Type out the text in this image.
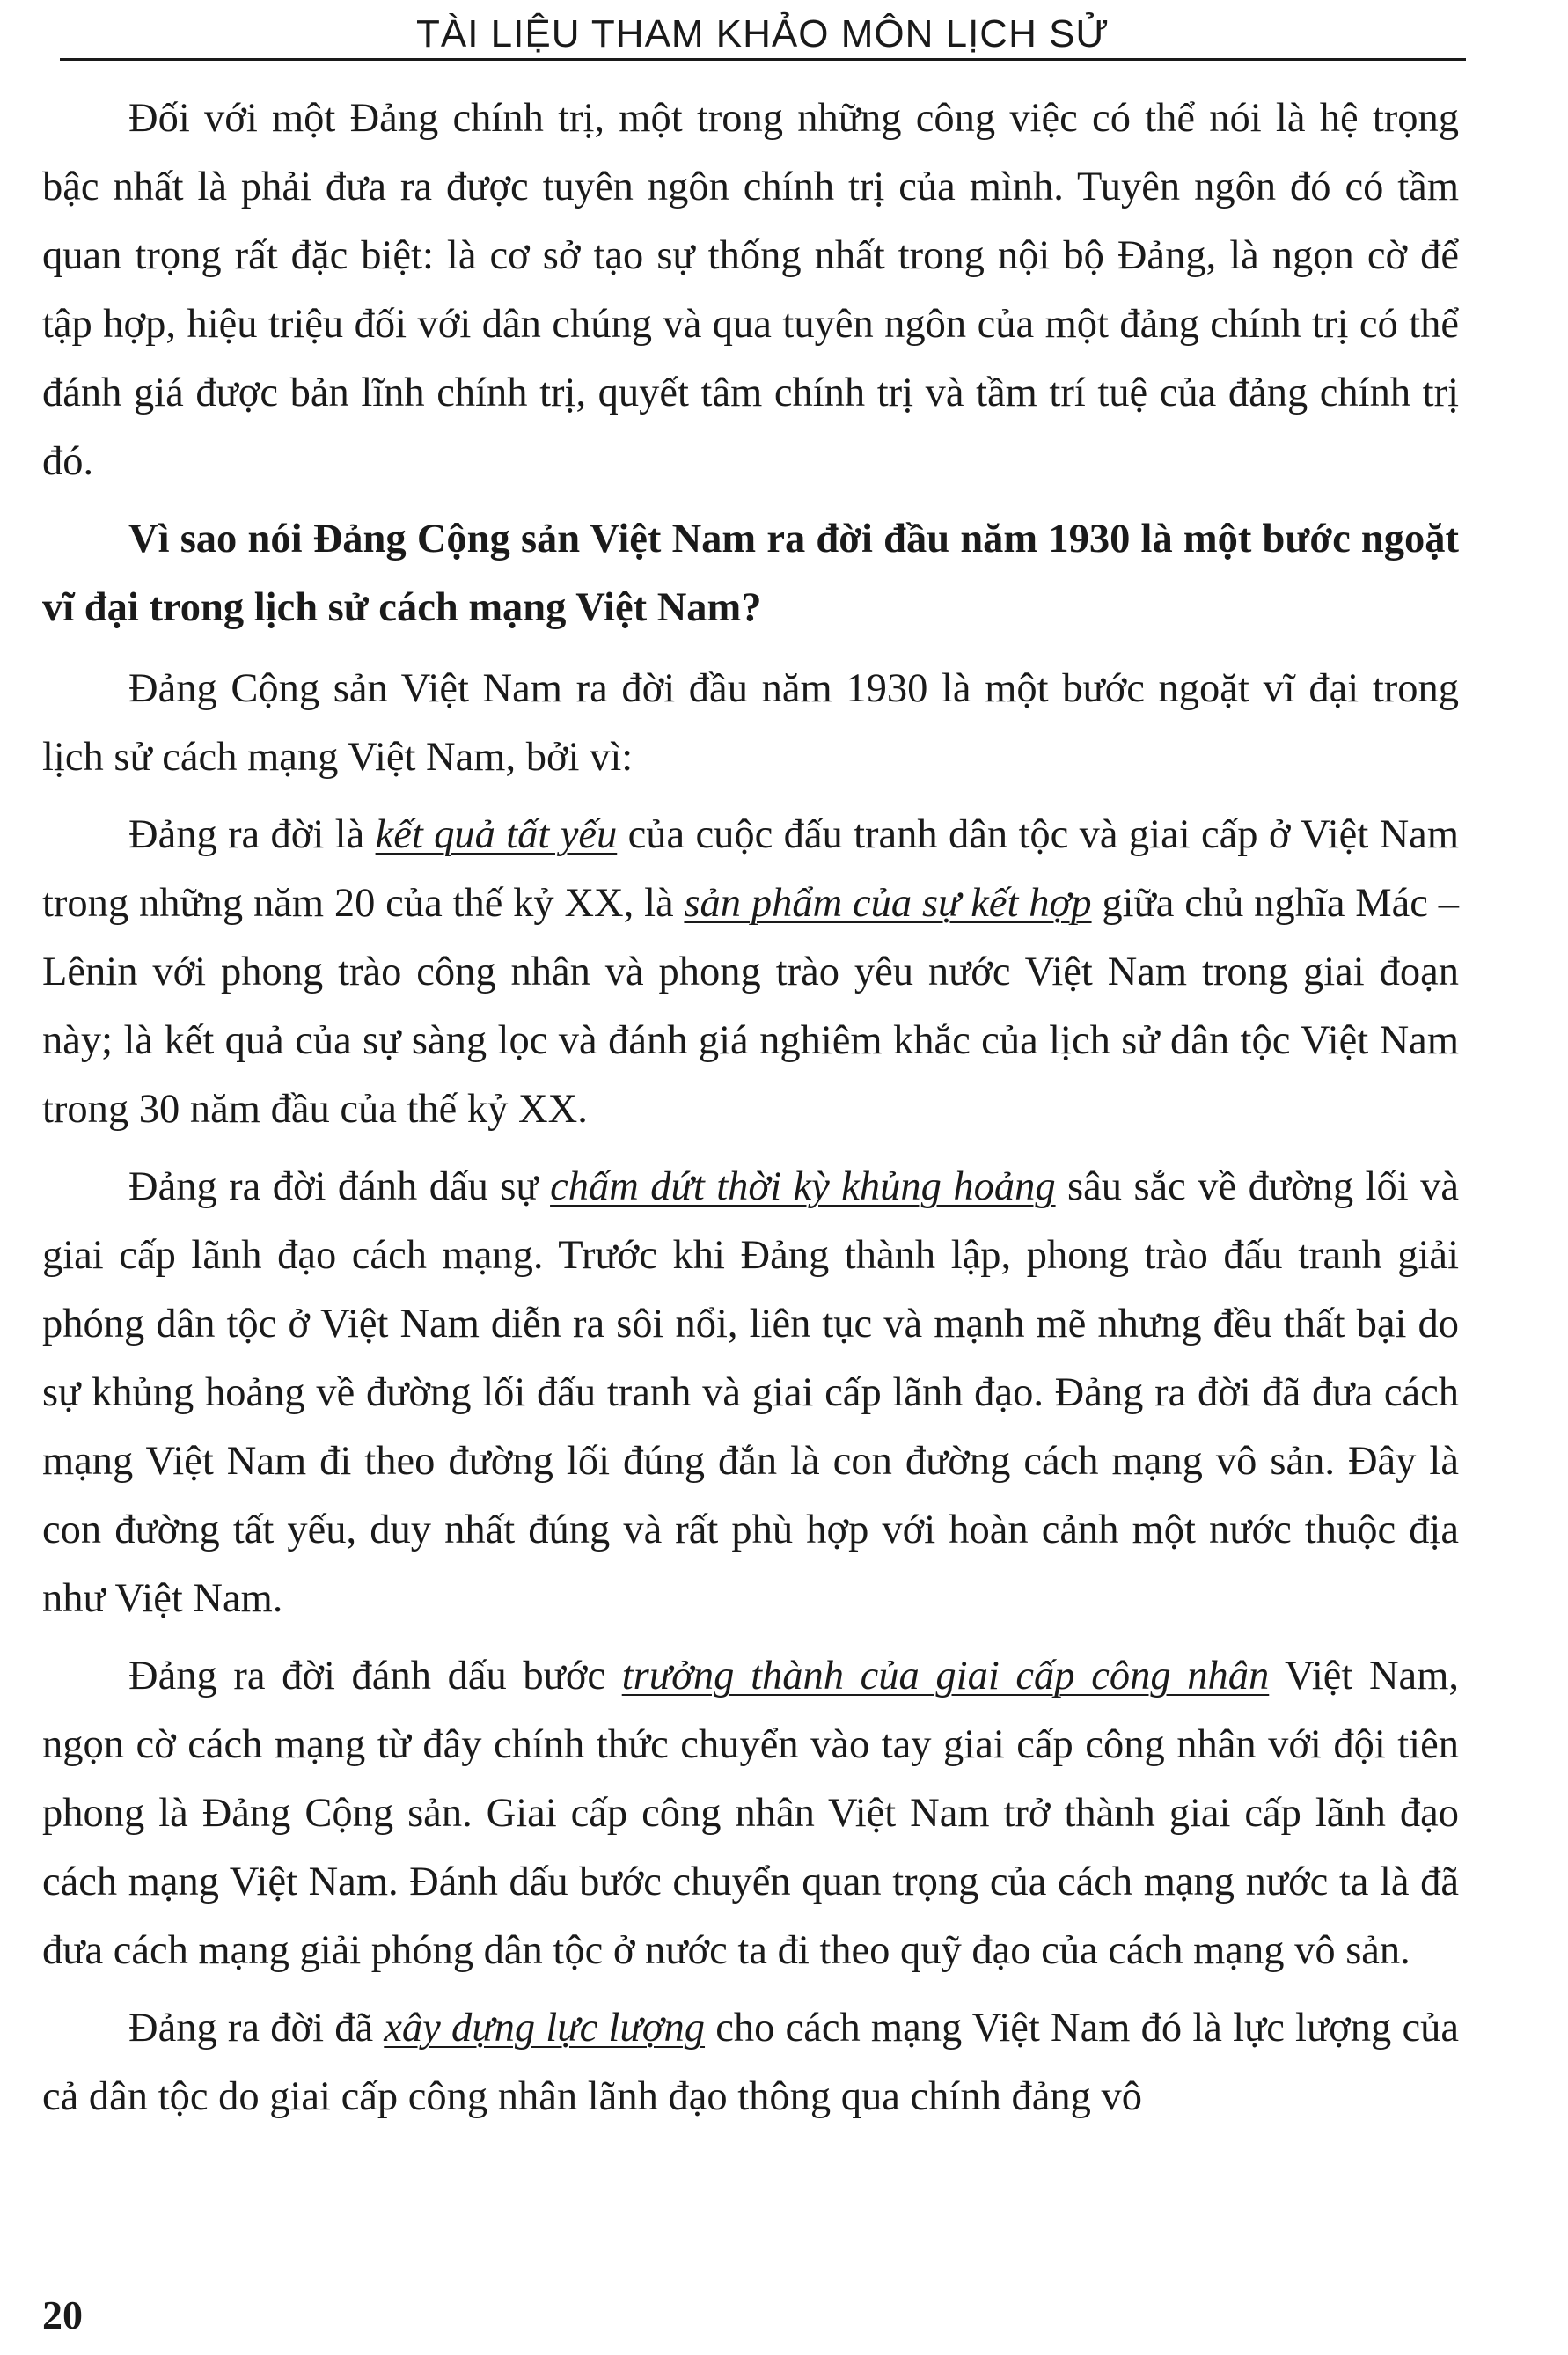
TÀI LIỆU THAM KHẢO MÔN LỊCH SỬ

Đối với một Đảng chính trị, một trong những công việc có thể nói là hệ trọng bậc nhất là phải đưa ra được tuyên ngôn chính trị của mình. Tuyên ngôn đó có tầm quan trọng rất đặc biệt: là cơ sở tạo sự thống nhất trong nội bộ Đảng, là ngọn cờ để tập hợp, hiệu triệu đối với dân chúng và qua tuyên ngôn của một đảng chính trị có thể đánh giá được bản lĩnh chính trị, quyết tâm chính trị và tầm trí tuệ của đảng chính trị đó.

Vì sao nói Đảng Cộng sản Việt Nam ra đời đầu năm 1930 là một bước ngoặt vĩ đại trong lịch sử cách mạng Việt Nam?

Đảng Cộng sản Việt Nam ra đời đầu năm 1930 là một bước ngoặt vĩ đại trong lịch sử cách mạng Việt Nam, bởi vì:

Đảng ra đời là kết quả tất yếu của cuộc đấu tranh dân tộc và giai cấp ở Việt Nam trong những năm 20 của thế kỷ XX, là sản phẩm của sự kết hợp giữa chủ nghĩa Mác – Lênin với phong trào công nhân và phong trào yêu nước Việt Nam trong giai đoạn này; là kết quả của sự sàng lọc và đánh giá nghiêm khắc của lịch sử dân tộc Việt Nam trong 30 năm đầu của thế kỷ XX.

Đảng ra đời đánh dấu sự chấm dứt thời kỳ khủng hoảng sâu sắc về đường lối và giai cấp lãnh đạo cách mạng. Trước khi Đảng thành lập, phong trào đấu tranh giải phóng dân tộc ở Việt Nam diễn ra sôi nổi, liên tục và mạnh mẽ nhưng đều thất bại do sự khủng hoảng về đường lối đấu tranh và giai cấp lãnh đạo. Đảng ra đời đã đưa cách mạng Việt Nam đi theo đường lối đúng đắn là con đường cách mạng vô sản. Đây là con đường tất yếu, duy nhất đúng và rất phù hợp với hoàn cảnh một nước thuộc địa như Việt Nam.

Đảng ra đời đánh dấu bước trưởng thành của giai cấp công nhân Việt Nam, ngọn cờ cách mạng từ đây chính thức chuyển vào tay giai cấp công nhân với đội tiên phong là Đảng Cộng sản. Giai cấp công nhân Việt Nam trở thành giai cấp lãnh đạo cách mạng Việt Nam. Đánh dấu bước chuyển quan trọng của cách mạng nước ta là đã đưa cách mạng giải phóng dân tộc ở nước ta đi theo quỹ đạo của cách mạng vô sản.

Đảng ra đời đã xây dựng lực lượng cho cách mạng Việt Nam đó là lực lượng của cả dân tộc do giai cấp công nhân lãnh đạo thông qua chính đảng vô

20
